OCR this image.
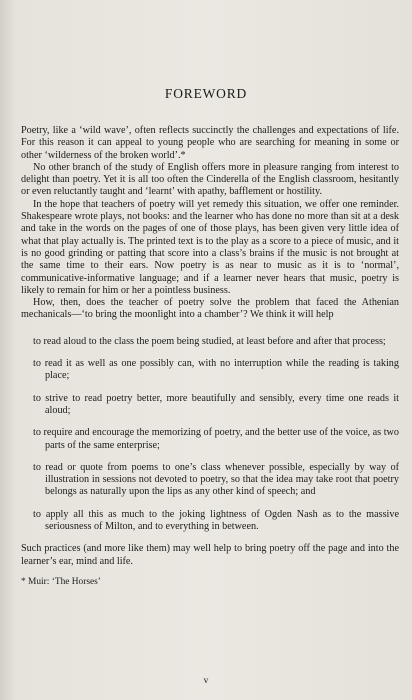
FOREWORD

Poetry, like a ‘wild wave’, often reflects succinctly the challenges and expectations of life. For this reason it can appeal to young people who are searching for meaning in some or other ‘wilderness of the broken world’.*

No other branch of the study of English offers more in pleasure ranging from interest to delight than poetry. Yet it is all too often the Cinderella of the English classroom, hesitantly or even reluctantly taught and ‘learnt’ with apathy, bafflement or hostility.

In the hope that teachers of poetry will yet remedy this situation, we offer one reminder. Shakespeare wrote plays, not books: and the learner who has done no more than sit at a desk and take in the words on the pages of one of those plays, has been given very little idea of what that play actually is. The printed text is to the play as a score to a piece of music, and it is no good grinding or patting that score into a class’s brains if the music is not brought at the same time to their ears. Now poetry is as near to music as it is to ‘normal’, communicative-informative language; and if a learner never hears that music, poetry is likely to remain for him or her a pointless business.

How, then, does the teacher of poetry solve the problem that faced the Athenian mechanicals—‘to bring the moonlight into a chamber’? We think it will help

to read aloud to the class the poem being studied, at least before and after that process;
to read it as well as one possibly can, with no interruption while the reading is taking place;
to strive to read poetry better, more beautifully and sensibly, every time one reads it aloud;
to require and encourage the memorizing of poetry, and the better use of the voice, as two parts of the same enterprise;
to read or quote from poems to one’s class whenever possible, especially by way of illustration in sessions not devoted to poetry, so that the idea may take root that poetry belongs as naturally upon the lips as any other kind of speech; and
to apply all this as much to the joking lightness of Ogden Nash as to the massive seriousness of Milton, and to everything in between.

Such practices (and more like them) may well help to bring poetry off the page and into the learner’s ear, mind and life.

* Muir: ‘The Horses’

v
